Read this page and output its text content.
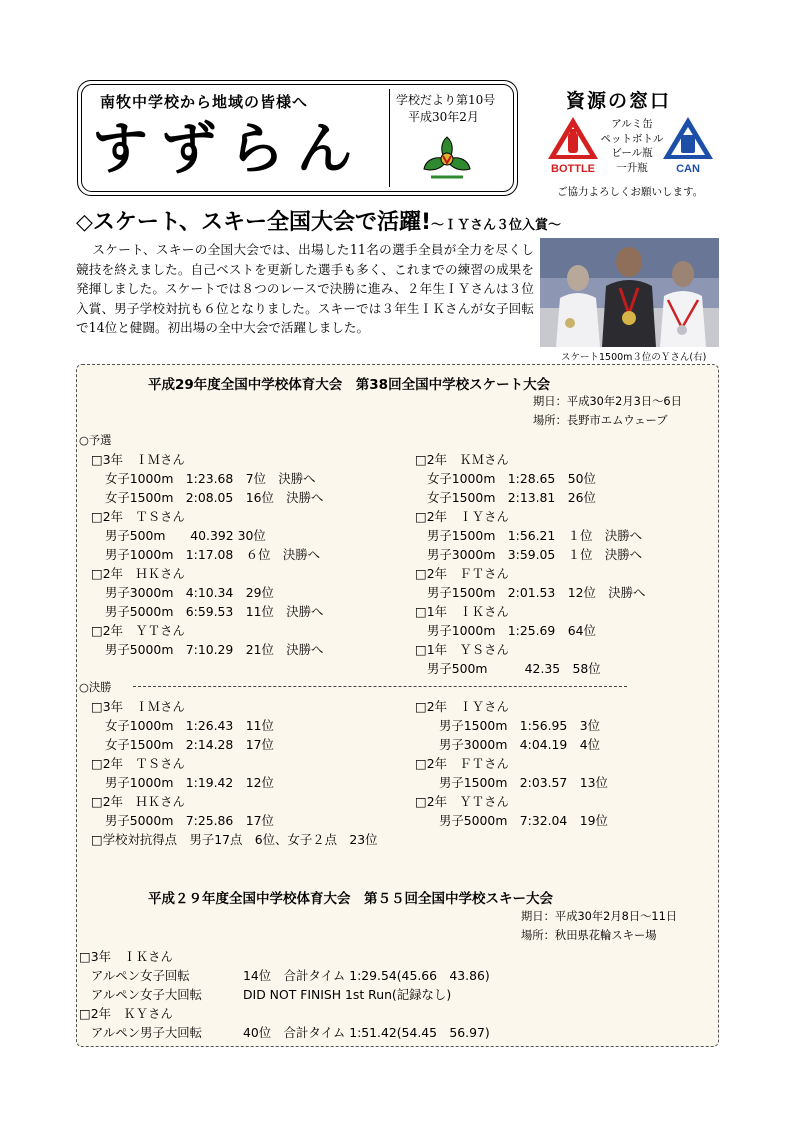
南牧中学校から地域の皆様へ
すずらん
学校だより第10号
平成30年2月
資源の窓口
BOTTLE	CAN
アルミ缶
ペットボトル
ビール瓶
一升瓶
ご協力よろしくお願いします。
◇スケート、スキー全国大会で活躍!～ＩＹさん３位入賞～

スケート、スキーの全国大会では、出場した11名の選手全員が全力を尽くし競技を終えました。自己ベストを更新した選手も多く、これまでの練習の成果を発揮しました。スケートでは８つのレースで決勝に進み、２年生ＩＹさんは３位入賞、男子学校対抗も６位となりました。スキーでは３年生ＩＫさんが女子回転で14位と健闘。初出場の全中大会で活躍しました。

スケート1500m３位のＹさん(右)
平成29年度全国中学校体育大会　第38回全国中学校スケート大会
期日：平成30年2月3日～6日
場所：長野市エムウェーブ
○予選
□3年　ＩＭさん
女子1000m　1:23.68　7位　決勝へ
女子1500m　2:08.05　16位　決勝へ
□2年　ＴＳさん
男子500m　　40.392 30位
男子1000m　1:17.08　６位　決勝へ
□2年　ＨＫさん
男子3000m　4:10.34　29位
男子5000m　6:59.53　11位　決勝へ
□2年　ＹＴさん
男子5000m　7:10.29　21位　決勝へ
□2年　ＫＭさん
女子1000m　1:28.65　50位
女子1500m　2:13.81　26位
□2年　ＩＹさん
男子1500m　1:56.21　１位　決勝へ
男子3000m　3:59.05　１位　決勝へ
□2年　ＦＴさん
男子1500m　2:01.53　12位　決勝へ
□1年　ＩＫさん
男子1000m　1:25.69　64位
□1年　ＹＳさん
男子500m　　　42.35　58位
○決勝
□3年　ＩＭさん
女子1000m　1:26.43　11位
女子1500m　2:14.28　17位
□2年　ＴＳさん
男子1000m　1:19.42　12位
□2年　ＨＫさん
男子5000m　7:25.86　17位
□2年　ＩＹさん
男子1500m　1:56.95　3位
男子3000m　4:04.19　4位
□2年　ＦＴさん
男子1500m　2:03.57　13位
□2年　ＹＴさん
男子5000m　7:32.04　19位
□学校対抗得点　男子17点　6位、女子２点　23位
平成２９年度全国中学校体育大会　第５５回全国中学校スキー大会
期日：平成30年2月8日～11日
場所：秋田県花輪スキー場
□3年　ＩＫさん
アルペン女子回転	14位　合計タイム 1:29.54(45.66　43.86)
アルペン女子大回転	DID NOT FINISH 1st Run(記録なし)
□2年　ＫＹさん
アルペン男子大回転	40位　合計タイム 1:51.42(54.45　56.97)
